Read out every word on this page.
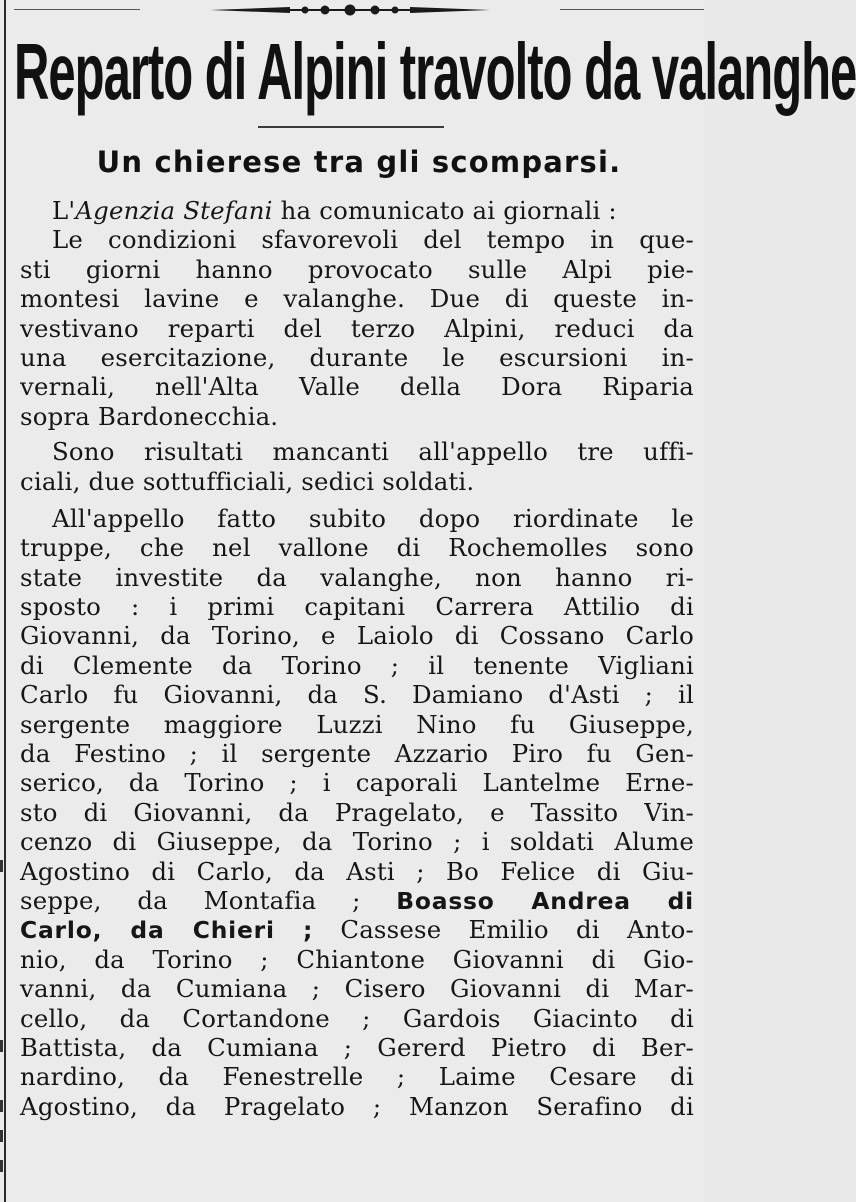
Reparto di Alpini travolto da valanghe
Un chierese tra gli scomparsi.
L'Agenzia Stefani ha comunicato ai giornali :
Le condizioni sfavorevoli del tempo in que-
sti giorni hanno provocato sulle Alpi pie-
montesi lavine e valanghe. Due di queste in-
vestivano reparti del terzo Alpini, reduci da
una esercitazione, durante le escursioni in-
vernali, nell'Alta Valle della Dora Riparia
sopra Bardonecchia.
Sono risultati mancanti all'appello tre uffi-
ciali, due sottufficiali, sedici soldati.
All'appello fatto subito dopo riordinate le
truppe, che nel vallone di Rochemolles sono
state investite da valanghe, non hanno ri-
sposto : i primi capitani Carrera Attilio di
Giovanni, da Torino, e Laiolo di Cossano Carlo
di Clemente da Torino ; il tenente Vigliani
Carlo fu Giovanni, da S. Damiano d'Asti ; il
sergente maggiore Luzzi Nino fu Giuseppe,
da Festino ; il sergente Azzario Piro fu Gen-
serico, da Torino ; i caporali Lantelme Erne-
sto di Giovanni, da Pragelato, e Tassito Vin-
cenzo di Giuseppe, da Torino ; i soldati Alume
Agostino di Carlo, da Asti ; Bo Felice di Giu-
seppe, da Montafia ; Boasso Andrea di
Carlo, da Chieri ; Cassese Emilio di Anto-
nio, da Torino ; Chiantone Giovanni di Gio-
vanni, da Cumiana ; Cisero Giovanni di Mar-
cello, da Cortandone ; Gardois Giacinto di
Battista, da Cumiana ; Gererd Pietro di Ber-
nardino, da Fenestrelle ; Laime Cesare di
Agostino, da Pragelato ; Manzon Serafino di
